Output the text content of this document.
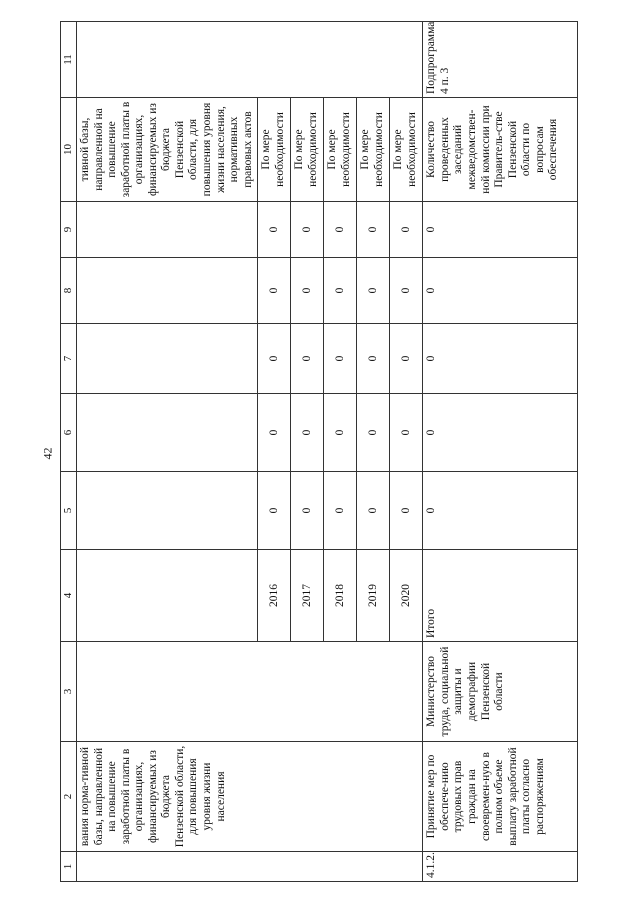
42
1	2	3	4	5	6	7	8	9	10	11
	вания норма-тивной базы, направленной на повышение заработной платы в организациях, финансируемых из бюджета Пензенской области, для повышения уровня жизни населения								тивной базы, направленной на повышение заработной платы в организациях, финансируемых из бюджета Пензенской области, для повышения уровня жизни населения, нормативных правовых актов	
			2016	0	0	0	0	0	По мере необходимости	
			2017	0	0	0	0	0	По мере необходимости	
			2018	0	0	0	0	0	По мере необходимости	
			2019	0	0	0	0	0	По мере необходимости	
			2020	0	0	0	0	0	По мере необходимости	
4.1.2.	Принятие мер по обеспече-нию трудовых прав граждан на своевремен-ную в полном объеме выплату заработной платы согласно распоряжениям	Министерство труда, социальной защиты и демографии Пензенской области	Итого	0	0	0	0	0	Количество проведенных заседаний межведомствен-ной комиссии при Правитель-стве Пензенской области по вопросам обеспечения	Подпрограмма 4 п. 3
